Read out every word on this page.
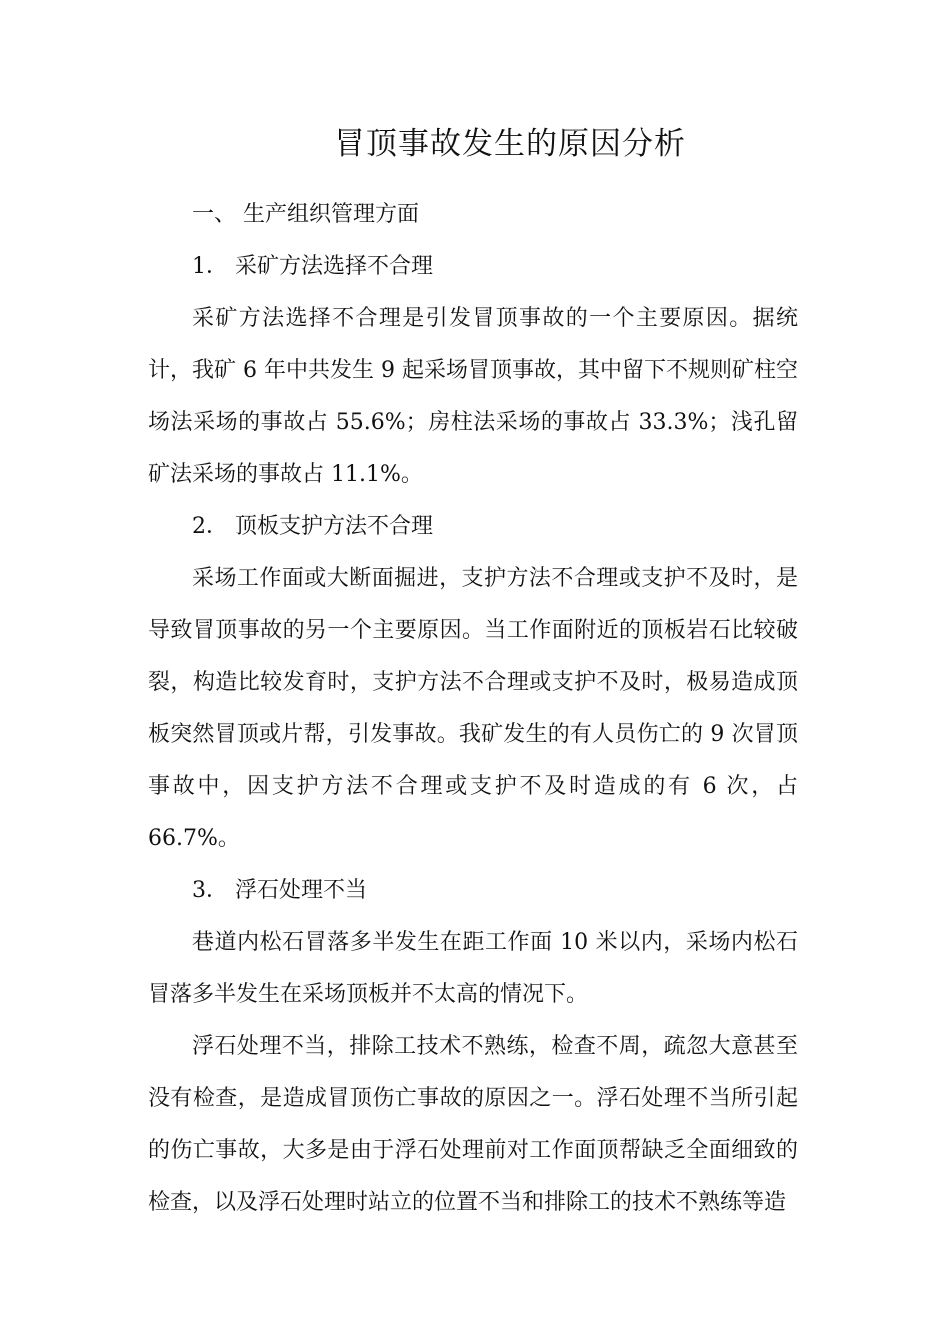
冒顶事故发生的原因分析

一、 生产组织管理方面

1． 采矿方法选择不合理

采矿方法选择不合理是引发冒顶事故的一个主要原因。据统计，我矿 6 年中共发生 9 起采场冒顶事故，其中留下不规则矿柱空场法采场的事故占 55.6%；房柱法采场的事故占 33.3%；浅孔留矿法采场的事故占 11.1%。

2． 顶板支护方法不合理

采场工作面或大断面掘进，支护方法不合理或支护不及时，是导致冒顶事故的另一个主要原因。当工作面附近的顶板岩石比较破裂，构造比较发育时，支护方法不合理或支护不及时，极易造成顶板突然冒顶或片帮，引发事故。我矿发生的有人员伤亡的 9 次冒顶事故中，因支护方法不合理或支护不及时造成的有 6 次，占 66.7%。

3． 浮石处理不当

巷道内松石冒落多半发生在距工作面 10 米以内，采场内松石冒落多半发生在采场顶板并不太高的情况下。

浮石处理不当，排除工技术不熟练，检查不周，疏忽大意甚至没有检查，是造成冒顶伤亡事故的原因之一。浮石处理不当所引起的伤亡事故，大多是由于浮石处理前对工作面顶帮缺乏全面细致的检查，以及浮石处理时站立的位置不当和排除工的技术不熟练等造
